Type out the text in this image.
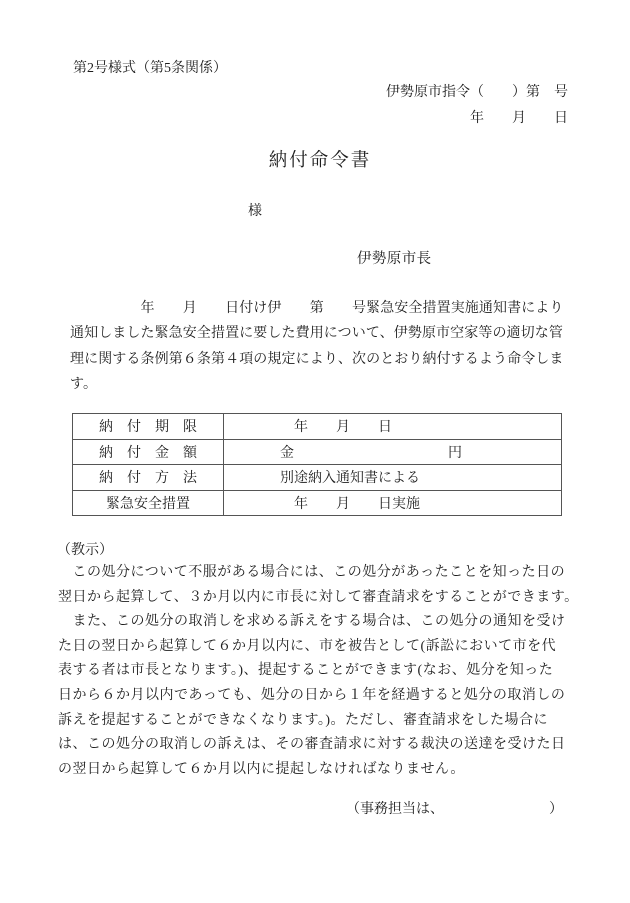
第2号様式（第5条関係）
伊勢原市指令（　　）第　号
年　　月　　日
納付命令書
様
伊勢原市長
　　　　　年　　月　　日付け伊　　第　　号緊急安全措置実施通知書により
通知しました緊急安全措置に要した費用について、伊勢原市空家等の適切な管
理に関する条例第６条第４項の規定により、次のとおり納付するよう命令しま
す。
納　付　期　限	　　　　　年　　月　　日
納　付　金　額	　　　　金　　　　　　　　　　　円
納　付　方　法	　　　　別途納入通知書による
緊急安全措置	　　　　　年　　月　　日実施
（教示）
　この処分について不服がある場合には、この処分があったことを知った日の
翌日から起算して、３か月以内に市長に対して審査請求をすることができます。
　また、この処分の取消しを求める訴えをする場合は、この処分の通知を受け
た日の翌日から起算して６か月以内に、市を被告として(訴訟において市を代
表する者は市長となります。)、提起することができます(なお、処分を知った
日から６か月以内であっても、処分の日から１年を経過すると処分の取消しの
訴えを提起することができなくなります。)。ただし、審査請求をした場合に
は、この処分の取消しの訴えは、その審査請求に対する裁決の送達を受けた日
の翌日から起算して６か月以内に提起しなければなりません。
（事務担当は、　　　　　　　　）
